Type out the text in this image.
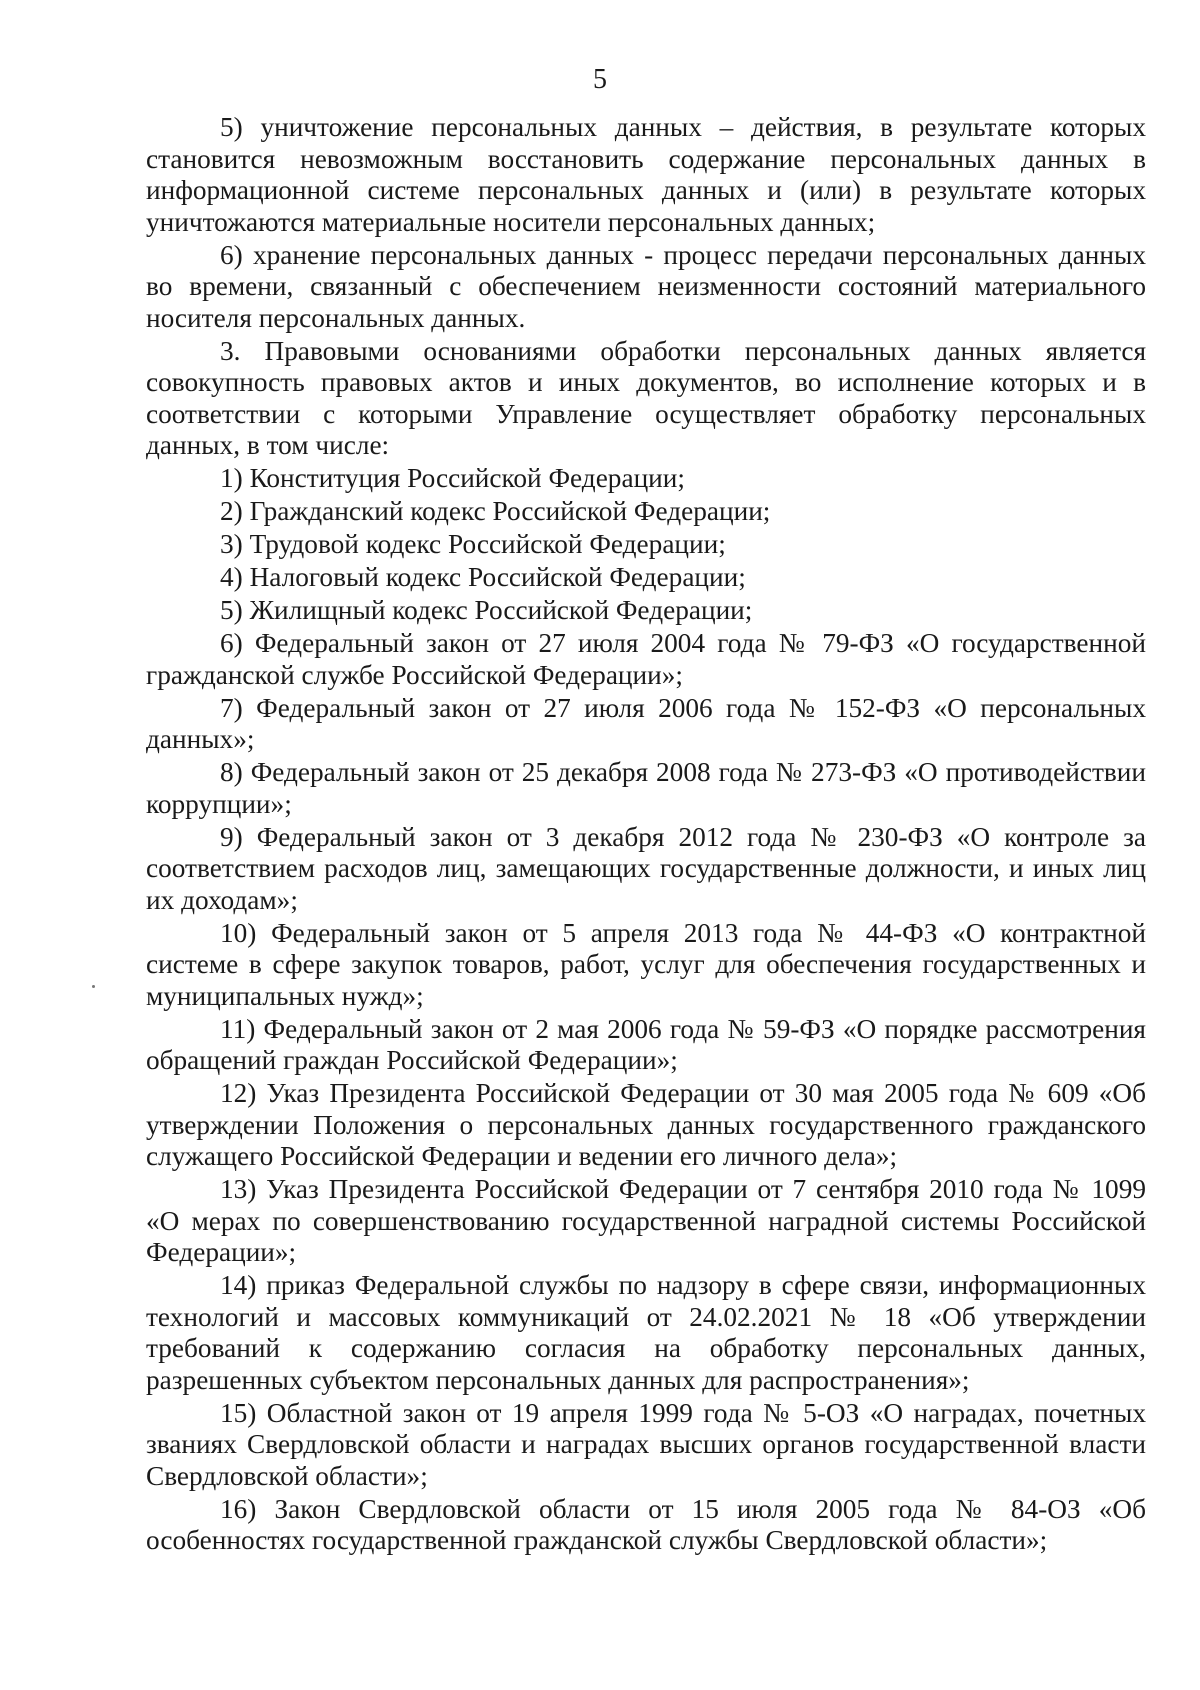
5

5) уничтожение персональных данных – действия, в результате которых становится невозможным восстановить содержание персональных данных в информационной системе персональных данных и (или) в результате которых уничтожаются материальные носители персональных данных;

6) хранение персональных данных - процесс передачи персональных данных во времени, связанный с обеспечением неизменности состояний материального носителя персональных данных.

3. Правовыми основаниями обработки персональных данных является совокупность правовых актов и иных документов, во исполнение которых и в соответствии с которыми Управление осуществляет обработку персональных данных, в том числе:

1) Конституция Российской Федерации;

2) Гражданский кодекс Российской Федерации;

3) Трудовой кодекс Российской Федерации;

4) Налоговый кодекс Российской Федерации;

5) Жилищный кодекс Российской Федерации;

6) Федеральный закон от 27 июля 2004 года № 79-ФЗ «О государственной гражданской службе Российской Федерации»;

7) Федеральный закон от 27 июля 2006 года № 152-ФЗ «О персональных данных»;

8) Федеральный закон от 25 декабря 2008 года № 273-ФЗ «О противодействии коррупции»;

9) Федеральный закон от 3 декабря 2012 года № 230-ФЗ «О контроле за соответствием расходов лиц, замещающих государственные должности, и иных лиц их доходам»;

10) Федеральный закон от 5 апреля 2013 года № 44-ФЗ «О контрактной системе в сфере закупок товаров, работ, услуг для обеспечения государственных и муниципальных нужд»;

11) Федеральный закон от 2 мая 2006 года № 59-ФЗ «О порядке рассмотрения обращений граждан Российской Федерации»;

12) Указ Президента Российской Федерации от 30 мая 2005 года № 609 «Об утверждении Положения о персональных данных государственного гражданского служащего Российской Федерации и ведении его личного дела»;

13) Указ Президента Российской Федерации от 7 сентября 2010 года № 1099 «О мерах по совершенствованию государственной наградной системы Российской Федерации»;

14) приказ Федеральной службы по надзору в сфере связи, информационных технологий и массовых коммуникаций от 24.02.2021 № 18 «Об утверждении требований к содержанию согласия на обработку персональных данных, разрешенных субъектом персональных данных для распространения»;

15) Областной закон от 19 апреля 1999 года № 5-ОЗ «О наградах, почетных званиях Свердловской области и наградах высших органов государственной власти Свердловской области»;

16) Закон Свердловской области от 15 июля 2005 года № 84-ОЗ «Об особенностях государственной гражданской службы Свердловской области»;
